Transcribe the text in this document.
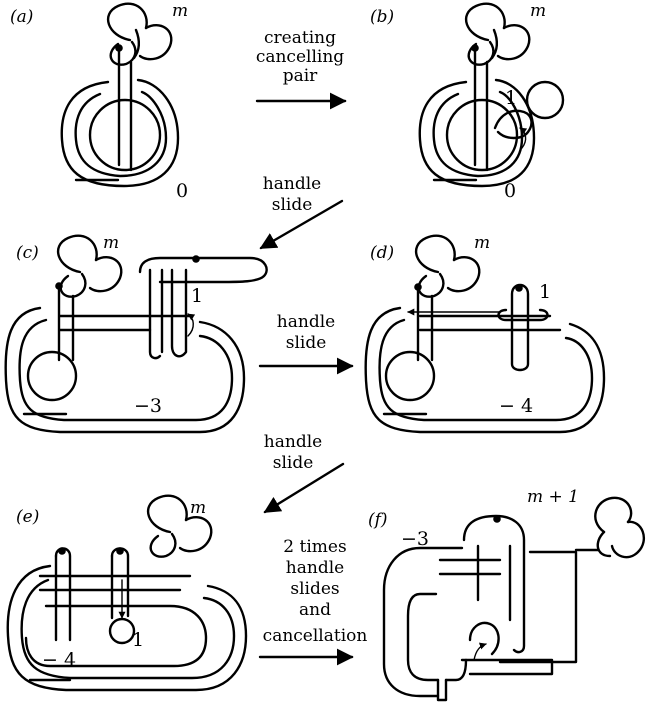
(a)	m
0
creating
cancelling
pair
(b)	m
0
1
handle
slide
(c)	m
−3
1
handle
slide
(d)	m
− 4
1
handle
slide
(e)	m
− 4
1
2 times
handle
slides
and
cancellation
(f)
m + 1
−3
